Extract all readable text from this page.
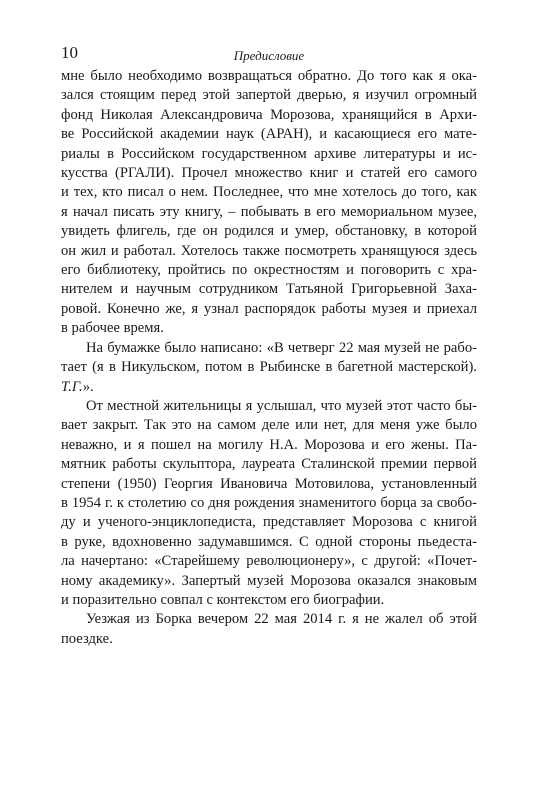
10	Предисловие

мне было необходимо возвращаться обратно. До того как я ока-
зался стоящим перед этой запертой дверью, я изучил огромный
фонд Николая Александровича Морозова, хранящийся в Архи-
ве Российской академии наук (АРАН), и касающиеся его мате-
риалы в Российском государственном архиве литературы и ис-
кусства (РГАЛИ). Прочел множество книг и статей его самого
и тех, кто писал о нем. Последнее, что мне хотелось до того, как
я начал писать эту книгу, – побывать в его мемориальном музее,
увидеть флигель, где он родился и умер, обстановку, в которой
он жил и работал. Хотелось также посмотреть хранящуюся здесь
его библиотеку, пройтись по окрестностям и поговорить с хра-
нителем и научным сотрудником Татьяной Григорьевной Заха-
ровой. Конечно же, я узнал распорядок работы музея и приехал
в рабочее время.

На бумажке было написано: «В четверг 22 мая музей не рабо-
тает (я в Никульском, потом в Рыбинске в багетной мастерской).
Т.Г.».

От местной жительницы я услышал, что музей этот часто бы-
вает закрыт. Так это на самом деле или нет, для меня уже было
неважно, и я пошел на могилу Н.А. Морозова и его жены. Па-
мятник работы скульптора, лауреата Сталинской премии первой
степени (1950) Георгия Ивановича Мотовилова, установленный
в 1954 г. к столетию со дня рождения знаменитого борца за свобо-
ду и ученого-энциклопедиста, представляет Морозова с книгой
в руке, вдохновенно задумавшимся. С одной стороны пьедеста-
ла начертано: «Старейшему революционеру», с другой: «Почет-
ному академику». Запертый музей Морозова оказался знаковым
и поразительно совпал с контекстом его биографии.

Уезжая из Борка вечером 22 мая 2014 г. я не жалел об этой
поездке.
